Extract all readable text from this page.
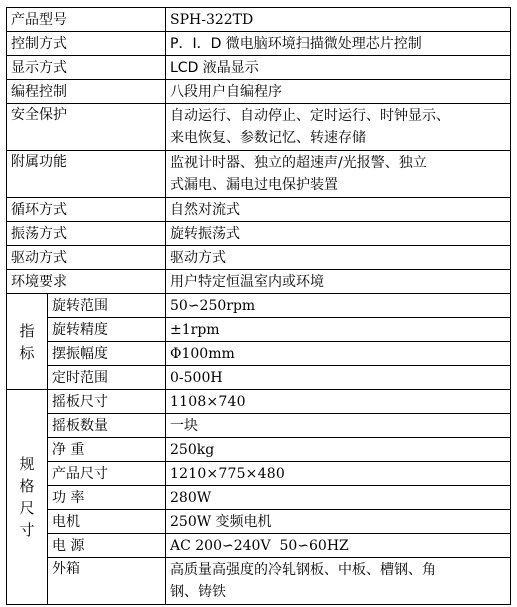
产品型号		SPH-322TD
控制方式		P．I．D 微电脑环境扫描微处理芯片控制
显示方式		LCD 液晶显示
编程控制		八段用户自编程序
安全保护		自动运行、自动停止、定时运行、时钟显示、
来电恢复、参数记忆、转速存储

附属功能		监视计时器、独立的超速声/光报警、独立
式漏电、漏电过电保护装置

循环方式		自然对流式
振荡方式		旋转振荡式
驱动方式		驱动方式
环境要求		用户特定恒温室内或环境

指
标	旋转范围	50∽250rpm
	旋转精度	±1rpm
	摆振幅度	Φ100mm
	定时范围	0-500H

规
格
尺
寸	摇板尺寸	1108×740
	摇板数量	一块
	净 重	250kg
	产品尺寸	1210×775×480
	功 率	280W
	电机	250W 变频电机
	电 源	AC 200∽240V  50∽60HZ
	外箱	高质量高强度的冷轧钢板、中板、槽钢、角
钢、铸铁
